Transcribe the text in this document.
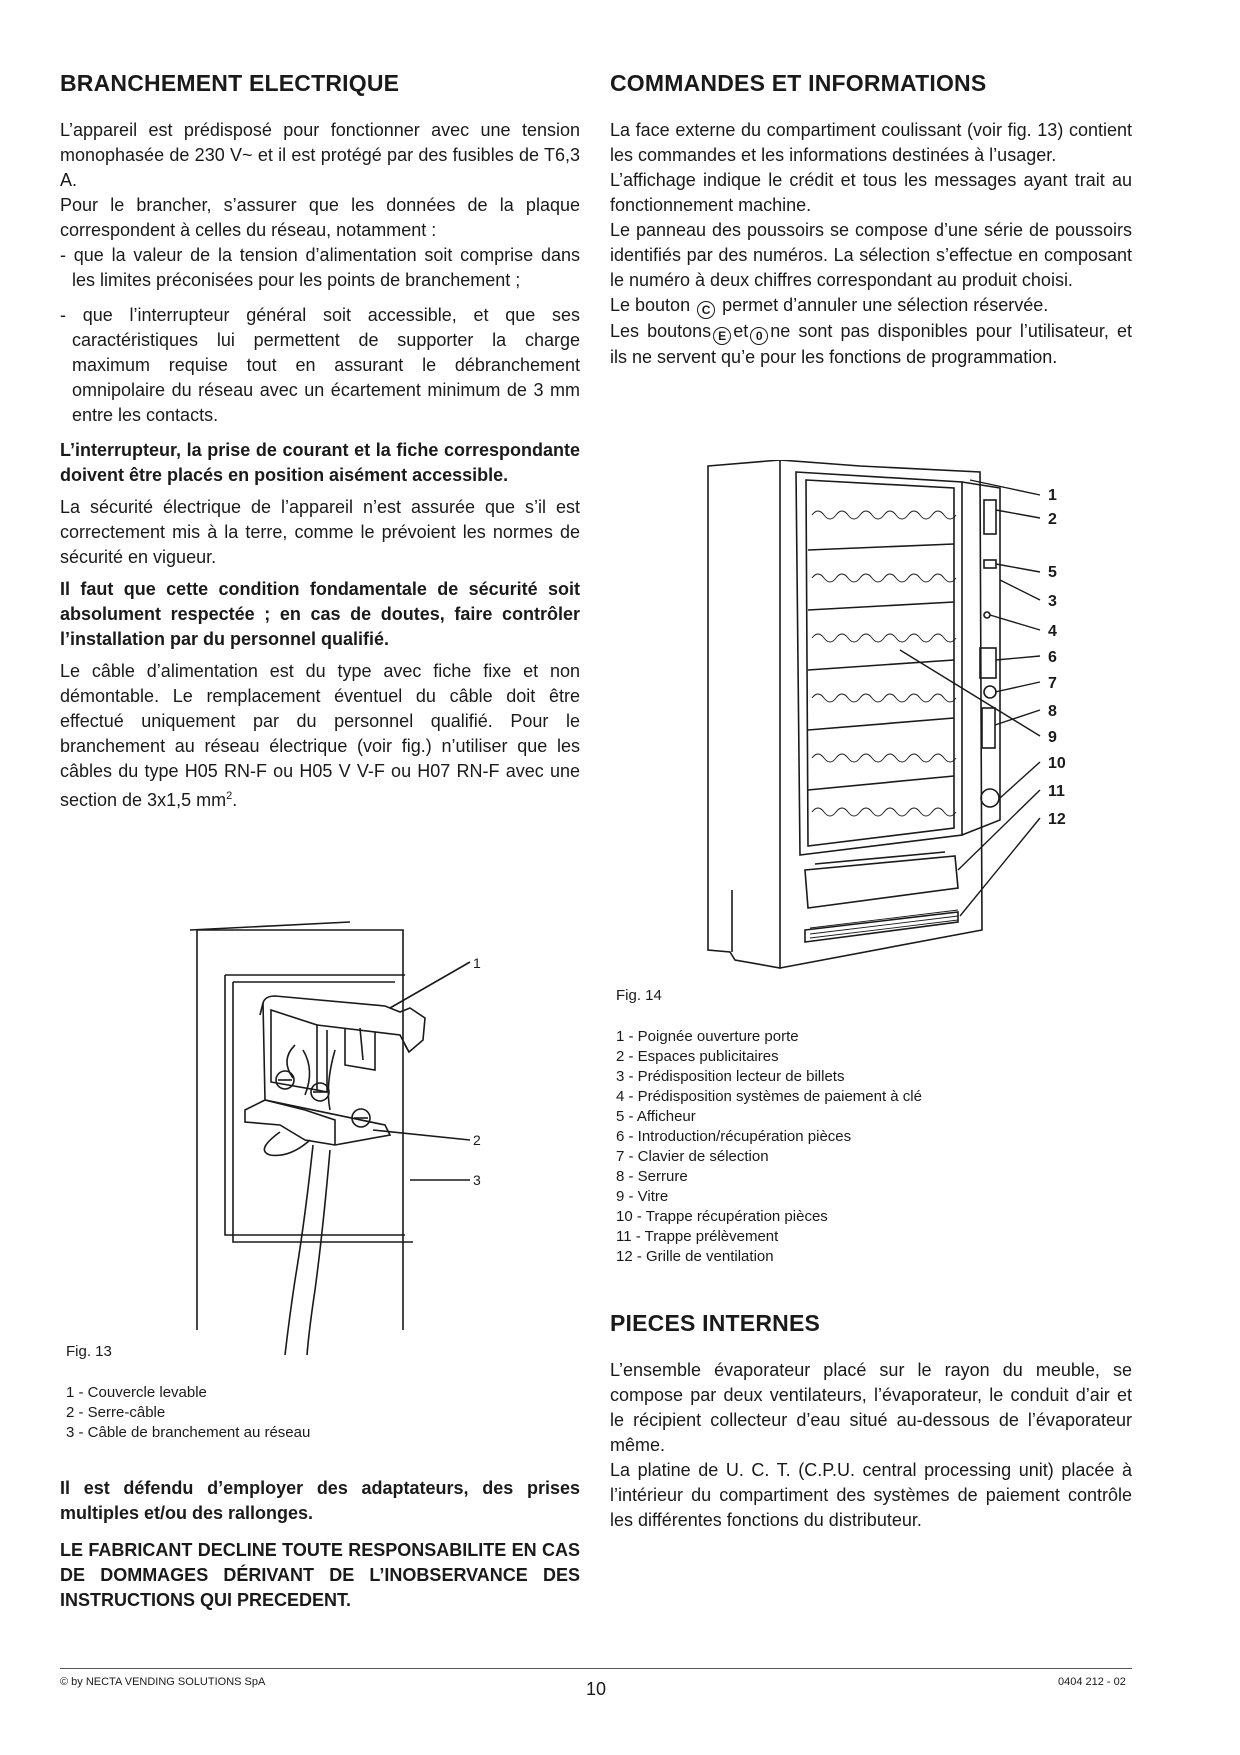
BRANCHEMENT ELECTRIQUE

L’appareil est prédisposé pour fonctionner avec une tension monophasée de 230 V~ et il est protégé par des fusibles de T6,3 A.

Pour le brancher, s’assurer que les données de la plaque correspondent à celles du réseau, notamment :

- que la valeur de la tension d’alimentation soit comprise dans les limites préconisées pour les points de branchement ;

- que l’interrupteur général soit accessible, et que ses caractéristiques lui permettent de supporter la charge maximum requise tout en assurant le débranchement omnipolaire du réseau avec un écartement minimum de 3 mm entre les contacts.

L’interrupteur, la prise de courant et la fiche correspondante doivent être placés en position aisément accessible.

La sécurité électrique de l’appareil n’est assurée que s’il est correctement mis à la terre, comme le prévoient les normes de sécurité en vigueur.

Il faut que cette condition fondamentale de sécurité soit absolument respectée ; en cas de doutes, faire contrôler l’installation par du personnel qualifié.

Le câble d’alimentation est du type avec fiche fixe et non démontable. Le remplacement éventuel du câble doit être effectué uniquement par du personnel qualifié. Pour le branchement au réseau électrique (voir fig.) n’utiliser que les câbles du type H05 RN-F ou H05 V V-F ou H07 RN-F avec une section de 3x1,5 $mm^2$.

1
2
3
Fig. 13
1 - Couvercle levable
2 - Serre-câble
3 - Câble de branchement au réseau
Il est défendu d’employer des adaptateurs, des prises multiples et/ou des rallonges.
LE FABRICANT DECLINE TOUTE RESPONSABILITE EN CAS DE DOMMAGES DÉRIVANT DE L’INOBSERVANCE DES INSTRUCTIONS QUI PRECEDENT.
COMMANDES ET INFORMATIONS

La face externe du compartiment coulissant (voir fig. 13) contient les commandes et les informations destinées à l’usager.

L’affichage indique le crédit et tous les messages ayant trait au fonctionnement machine.

Le panneau des poussoirs se compose d’une série de poussoirs identifiés par des numéros. La sélection s’effectue en composant le numéro à deux chiffres correspondant au produit choisi.

Le bouton C permet d’annuler une sélection réservée.

Les boutons E et 0 ne sont pas disponibles pour l’utilisateur, et ils ne servent qu’e pour les fonctions de programmation.

1
2
5
3
4
6
7
8
9
10
11
12
Fig. 14
1 - Poignée ouverture porte
2 - Espaces publicitaires
3 - Prédisposition lecteur de billets
4 - Prédisposition systèmes de paiement à clé
5 - Afficheur
6 - Introduction/récupération pièces
7 - Clavier de sélection
8 - Serrure
9 - Vitre
10 - Trappe récupération pièces
11 - Trappe prélèvement
12 - Grille de ventilation
PIECES INTERNES

L’ensemble évaporateur placé sur le rayon du meuble, se compose par deux ventilateurs, l’évaporateur, le conduit d’air et le récipient collecteur d’eau situé au-dessous de l’évaporateur même.

La platine de U. C. T. (C.P.U. central processing unit) placée à l’intérieur du compartiment des systèmes de paiement contrôle les différentes fonctions du distributeur.

© by NECTA VENDING SOLUTIONS SpA	10	0404 212 - 02
